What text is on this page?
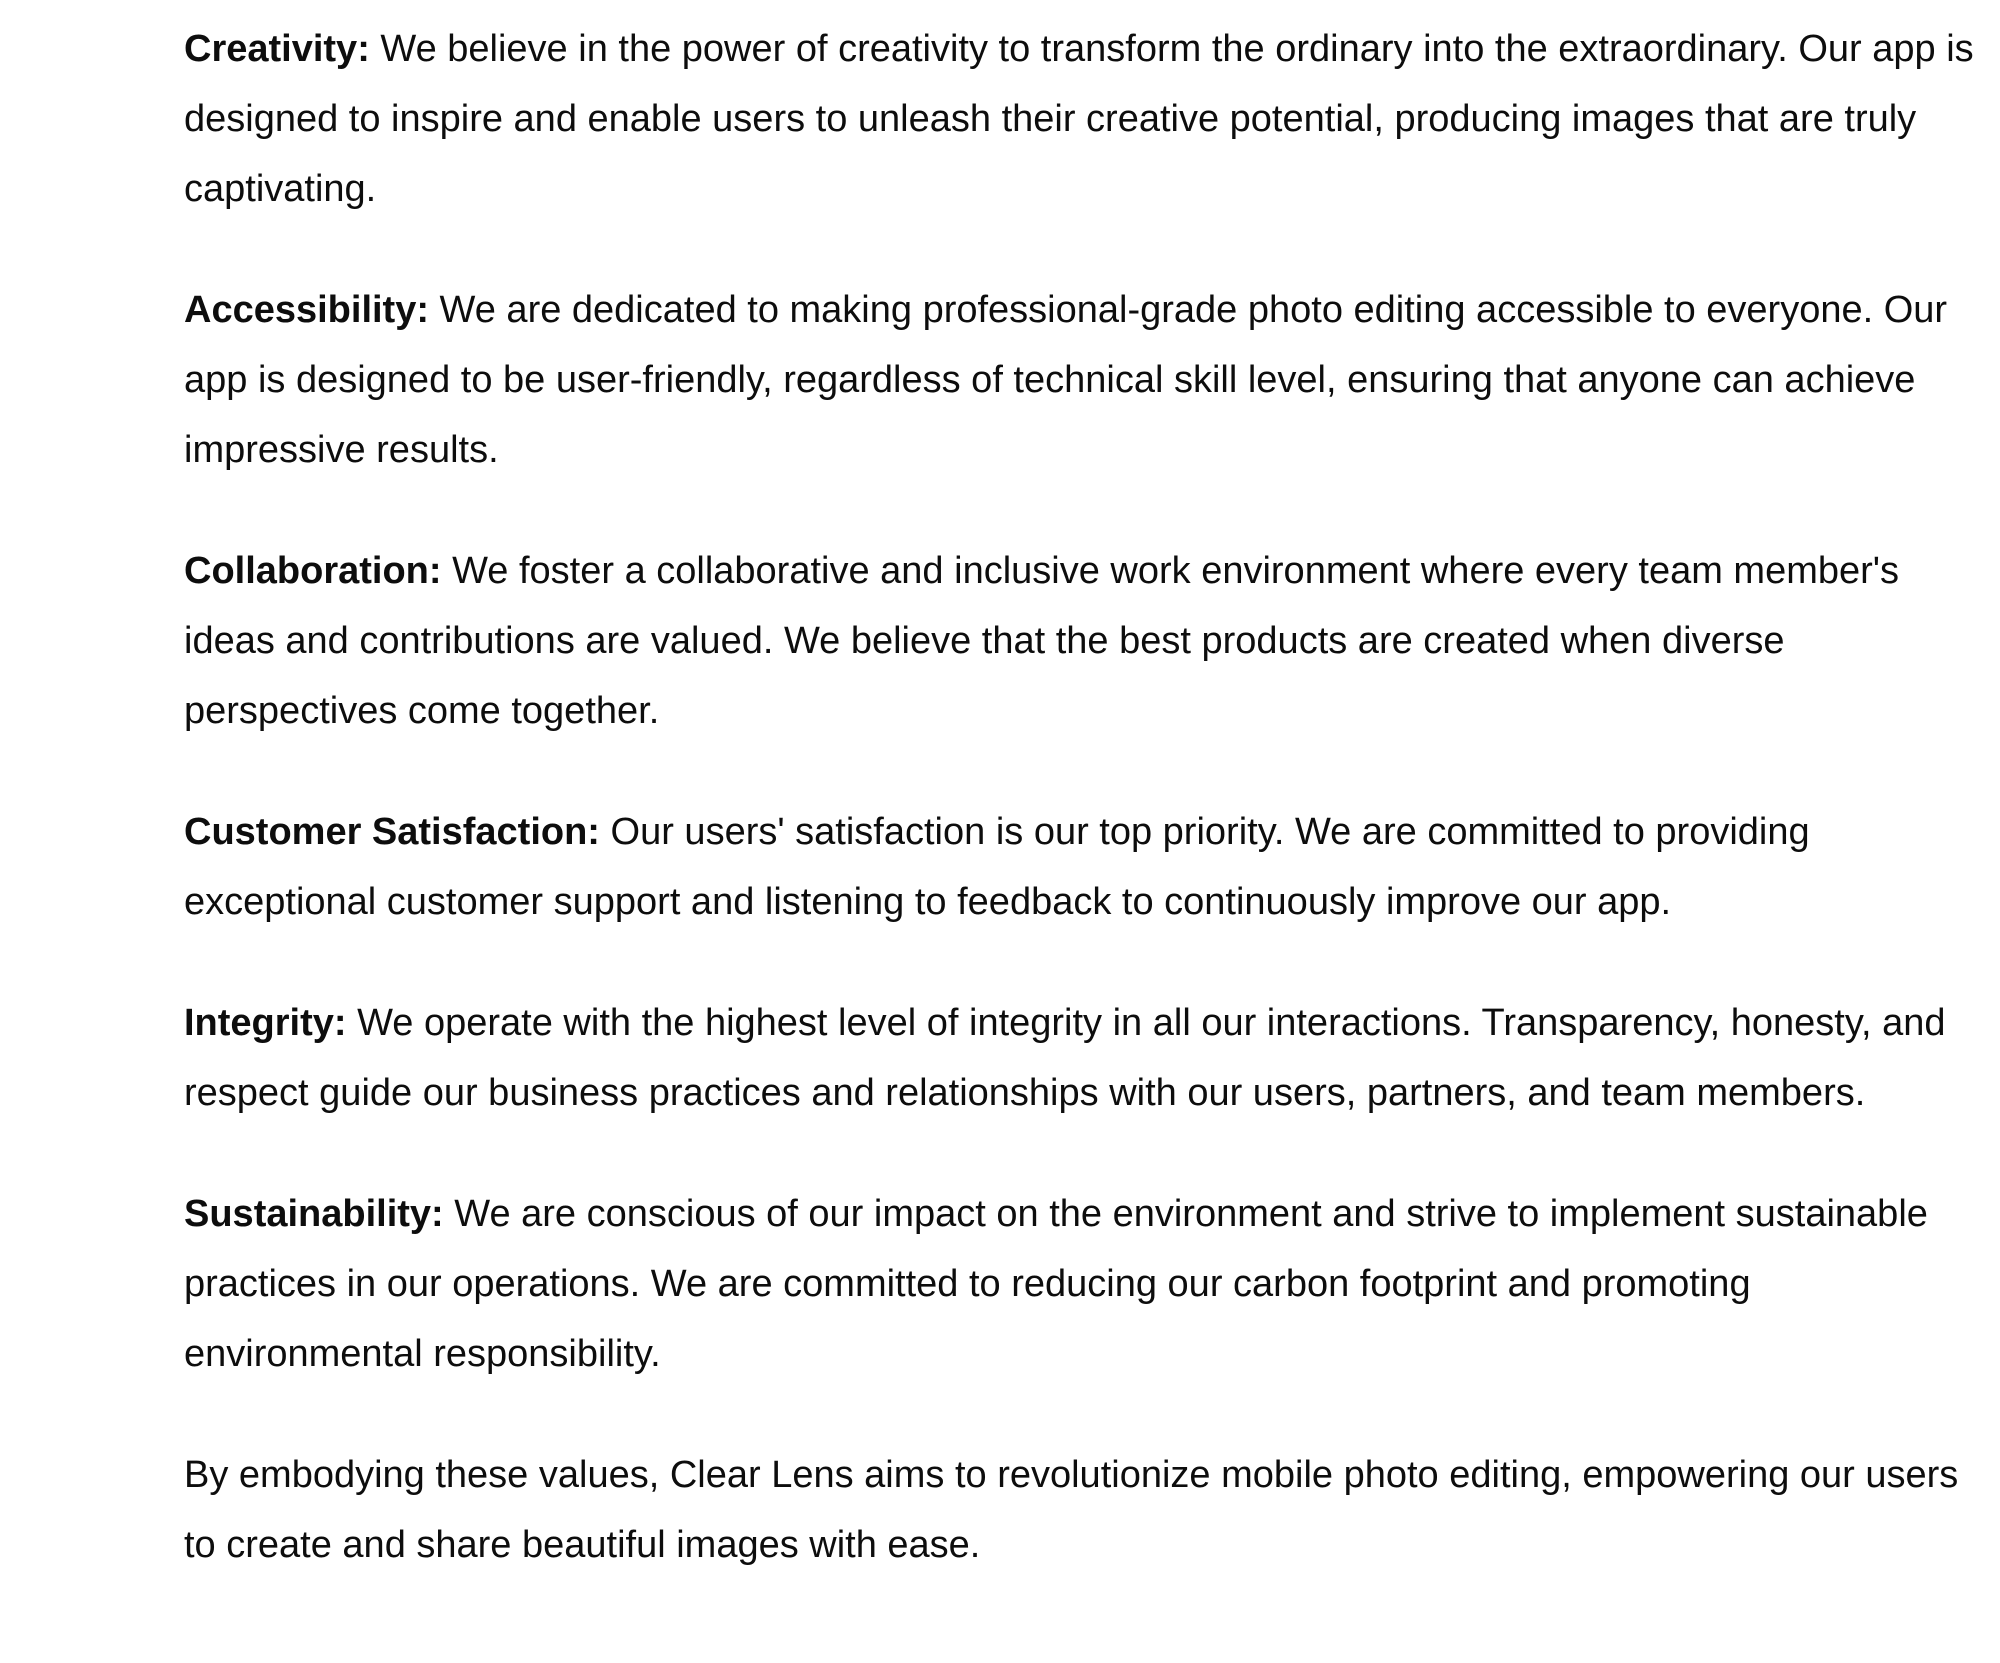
Creativity: We believe in the power of creativity to transform the ordinary into the extraordinary. Our app is designed to inspire and enable users to unleash their creative potential, producing images that are truly captivating.

Accessibility: We are dedicated to making professional-grade photo editing accessible to everyone. Our app is designed to be user-friendly, regardless of technical skill level, ensuring that anyone can achieve impressive results.

Collaboration: We foster a collaborative and inclusive work environment where every team member's ideas and contributions are valued. We believe that the best products are created when diverse perspectives come together.

Customer Satisfaction: Our users' satisfaction is our top priority. We are committed to providing exceptional customer support and listening to feedback to continuously improve our app.

Integrity: We operate with the highest level of integrity in all our interactions. Transparency, honesty, and respect guide our business practices and relationships with our users, partners, and team members.

Sustainability: We are conscious of our impact on the environment and strive to implement sustainable practices in our operations. We are committed to reducing our carbon footprint and promoting environmental responsibility.

By embodying these values, Clear Lens aims to revolutionize mobile photo editing, empowering our users to create and share beautiful images with ease.
